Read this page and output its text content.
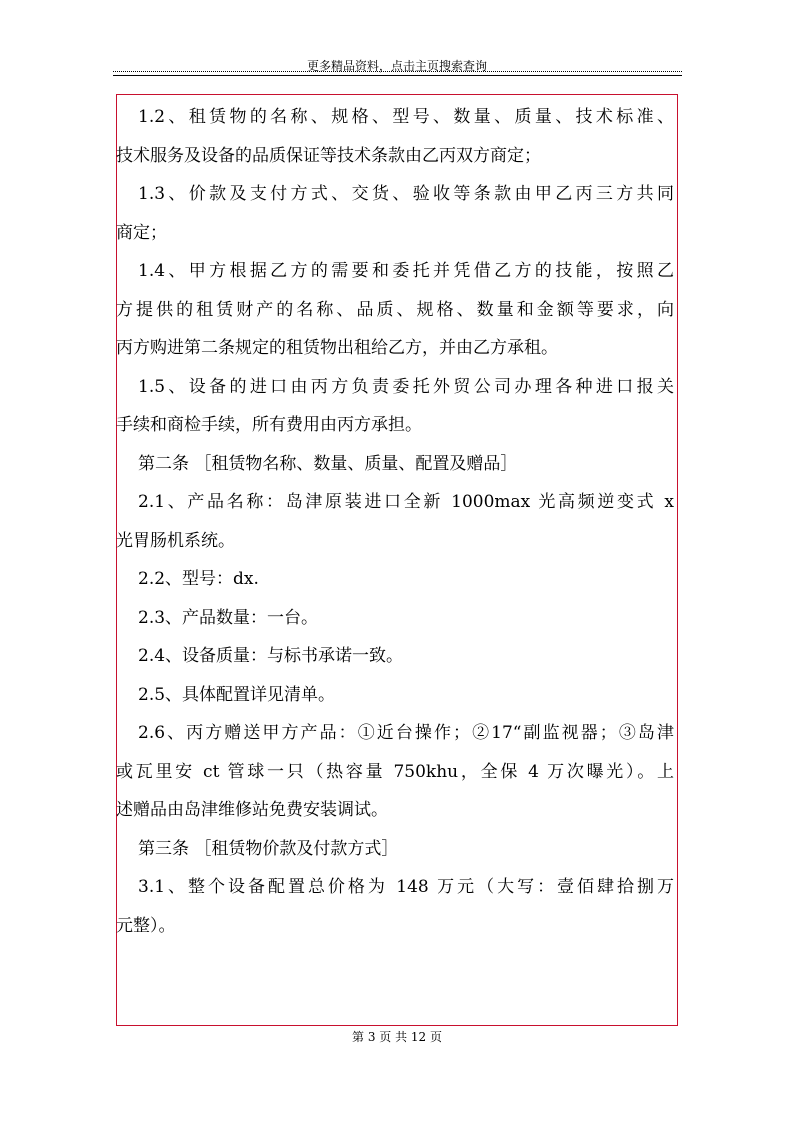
更多精品资料，点击主页搜索查询
1.2、租赁物的名称、规格、型号、数量、质量、技术标准、
技术服务及设备的品质保证等技术条款由乙丙双方商定；
1.3、价款及支付方式、交货、验收等条款由甲乙丙三方共同
商定；
1.4、甲方根据乙方的需要和委托并凭借乙方的技能，按照乙
方提供的租赁财产的名称、品质、规格、数量和金额等要求，向
丙方购进第二条规定的租赁物出租给乙方，并由乙方承租。
1.5、设备的进口由丙方负责委托外贸公司办理各种进口报关
手续和商检手续，所有费用由丙方承担。
第二条 ［租赁物名称、数量、质量、配置及赠品］
2.1、产品名称：岛津原装进口全新 1000max 光高频逆变式 x
光胃肠机系统。
2.2、型号：dx.
2.3、产品数量：一台。
2.4、设备质量：与标书承诺一致。
2.5、具体配置详见清单。
2.6、丙方赠送甲方产品：①近台操作；②17“副监视器；③岛津
或瓦里安 ct 管球一只（热容量 750khu，全保 4 万次曝光）。上
述赠品由岛津维修站免费安装调试。
第三条 ［租赁物价款及付款方式］
3.1、整个设备配置总价格为 148 万元（大写：壹佰肆拾捌万
元整）。
第 3 页 共 12 页
